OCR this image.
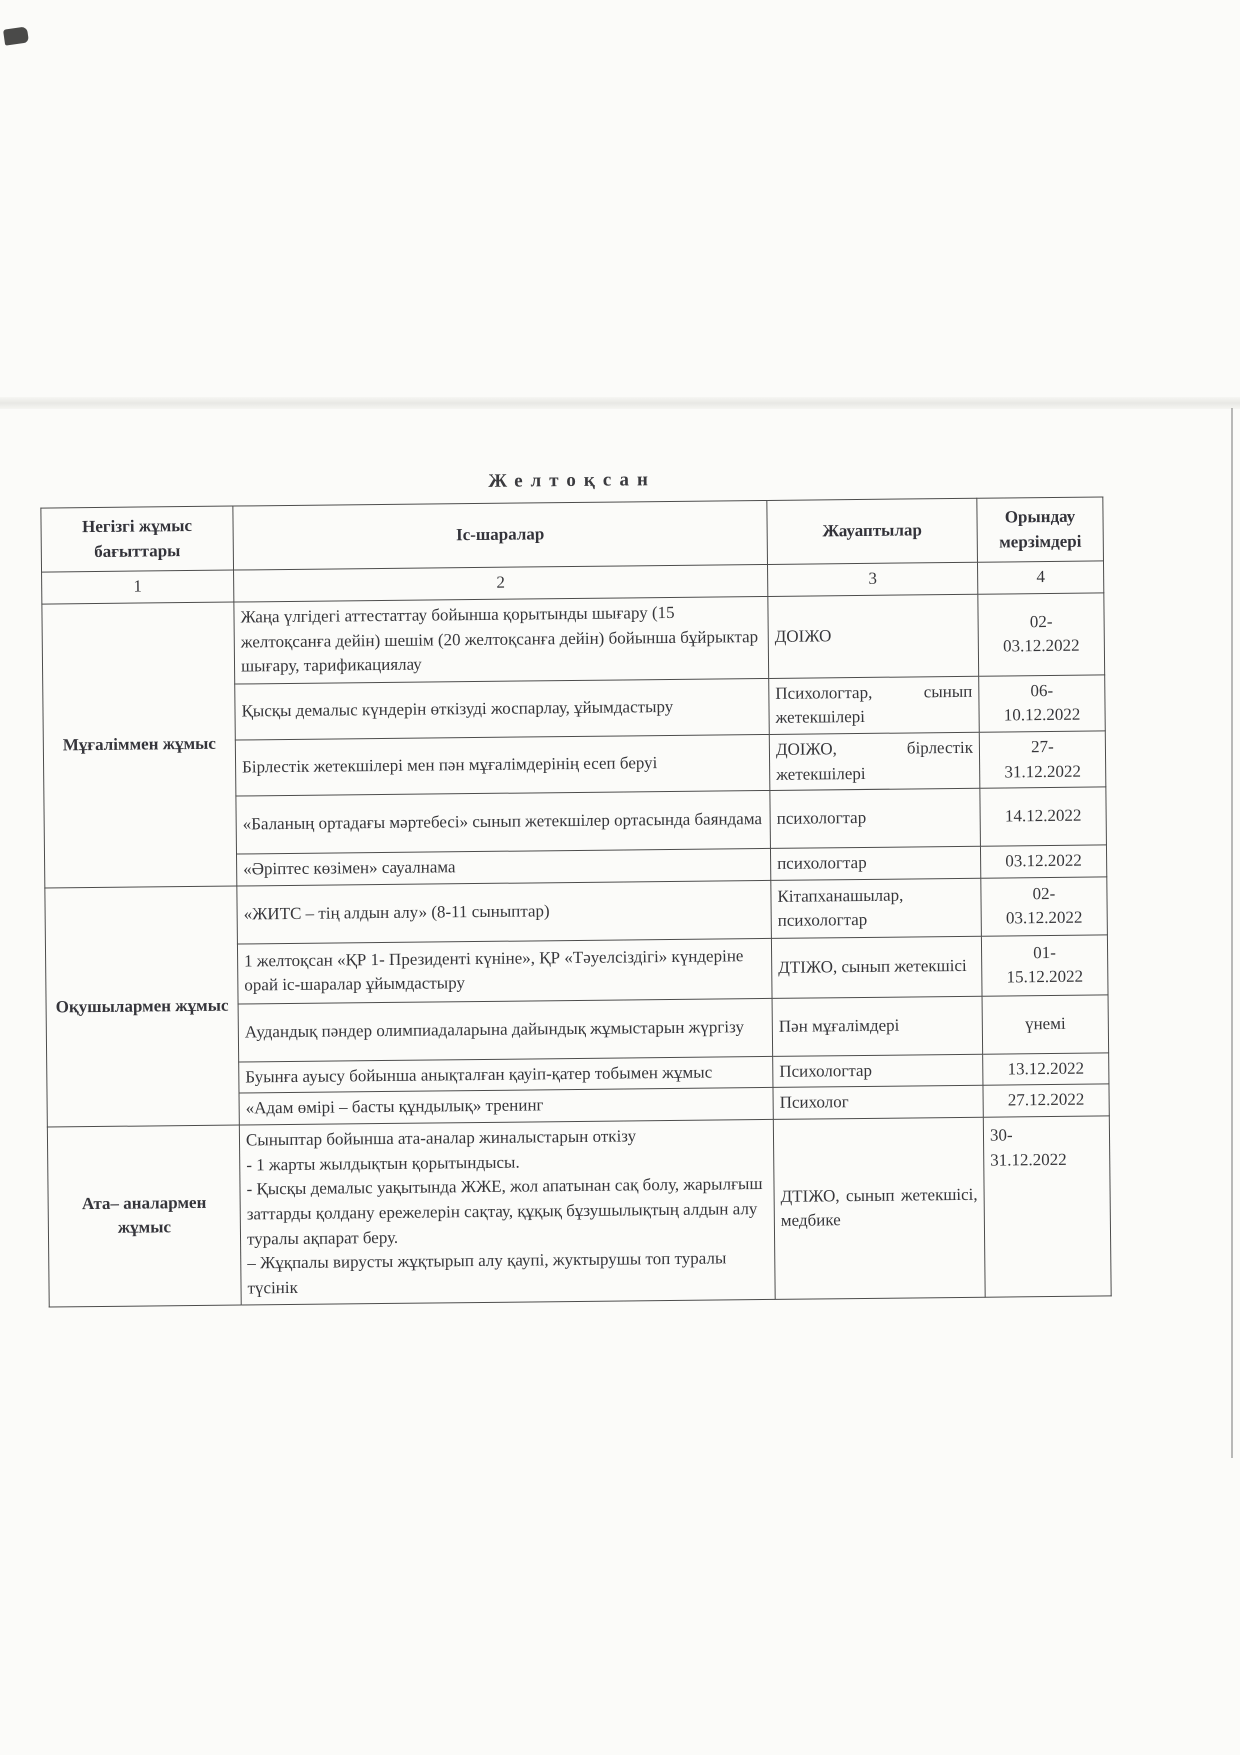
Желтоқсан
Негізгі жұмыс бағыттары	Іс-шаралар	Жауаптылар	Орындау мерзімдері
1	2	3	4
Мұғаліммен жұмыс	Жаңа үлгідегі аттестаттау бойынша қорытынды шығару (15 желтоқсанға дейін) шешім (20 желтоқсанға дейін) бойынша бұйрыктар шығару, тарификациялау	ДОІЖО	02-
03.12.2022
	Қысқы демалыс күндерін өткізуді жоспарлау, ұйымдастыру	Психологтар, сынып жетекшілері	06-
10.12.2022
	Бірлестік жетекшілері мен пән мұғалімдерінің есеп беруі	ДОІЖО, бірлестік жетекшілері	27-
31.12.2022
	«Баланың ортадағы мәртебесі» сынып жетекшілер ортасында баяндама	психологтар	14.12.2022
	«Әріптес көзімен» сауалнама	психологтар	03.12.2022
Оқушылармен жұмыс	«ЖИТС – тің алдын алу» (8-11 сыныптар)	Кітапханашылар, психологтар	02-
03.12.2022
	1 желтоқсан «ҚР 1- Президенті күніне», ҚР «Тәуелсіздігі» күндеріне орай іс-шаралар ұйымдастыру	ДТІЖО, сынып жетекшісі	01-
15.12.2022
	Аудандық пәндер олимпиадаларына дайындық жұмыстарын жүргізу	Пән мұғалімдері	үнемі
	Буынға ауысу бойынша анықталған қауіп-қатер тобымен жұмыс	Психологтар	13.12.2022
	«Адам өмірі – басты құндылық» тренинг	Психолог	27.12.2022
Ата– аналармен жұмыс	Сыныптар бойынша ата-аналар жиналыстарын откізу
- 1 жарты жылдықтын қорытындысы.
- Қысқы демалыс уақытында ЖЖЕ, жол апатынан сақ болу, жарылғыш заттарды қолдану ережелерін сақтау, құқық бұзушылықтың алдын алу туралы ақпарат беру.
– Жұқпалы вирусты жұқтырып алу қаупі, жуктырушы топ туралы түсінік	ДТІЖО, сынып жетекшісі, медбике	30-
31.12.2022
